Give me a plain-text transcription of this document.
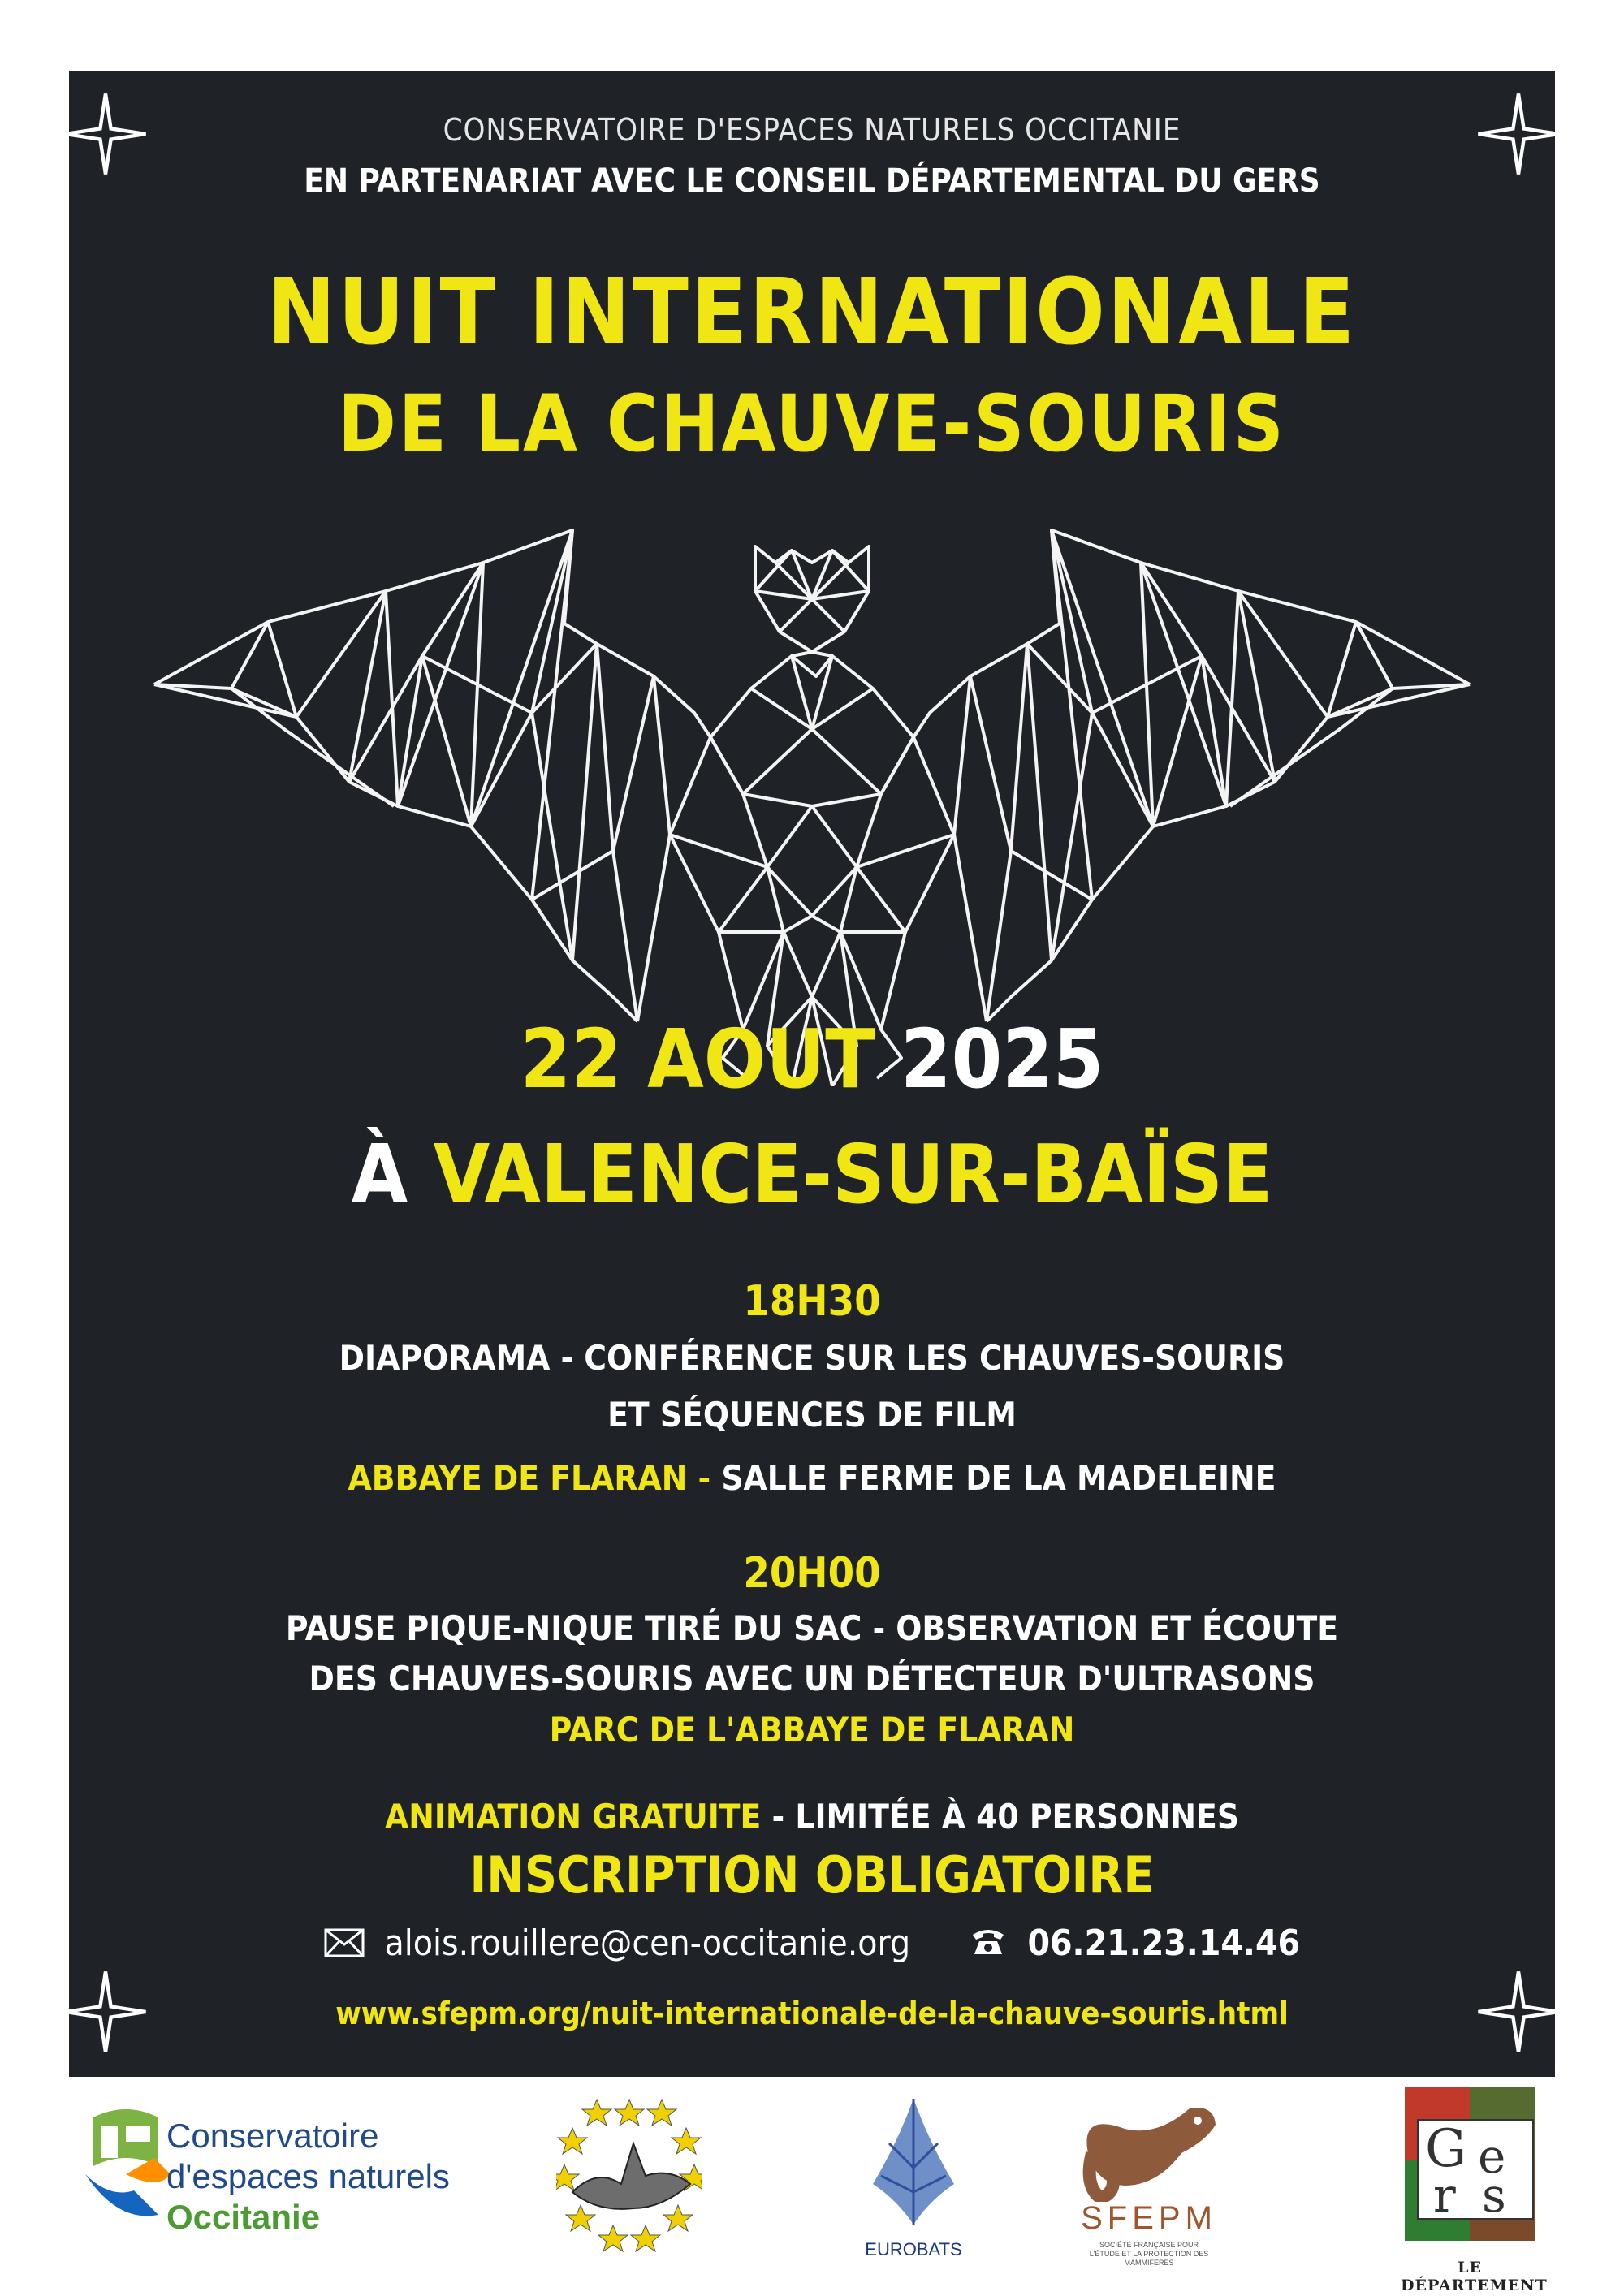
CONSERVATOIRE D'ESPACES NATURELS OCCITANIE
EN PARTENARIAT AVEC LE CONSEIL DÉPARTEMENTAL DU GERS
NUIT INTERNATIONALE
DE LA CHAUVE-SOURIS
22 AOUT 2025
À VALENCE-SUR-BAÏSE
18H30
DIAPORAMA - CONFÉRENCE SUR LES CHAUVES-SOURIS
ET SÉQUENCES DE FILM
ABBAYE DE FLARAN - SALLE FERME DE LA MADELEINE
20H00
PAUSE PIQUE-NIQUE TIRÉ DU SAC - OBSERVATION ET ÉCOUTE
DES CHAUVES-SOURIS AVEC UN DÉTECTEUR D'ULTRASONS
PARC DE L'ABBAYE DE FLARAN
ANIMATION GRATUITE - LIMITÉE À 40 PERSONNES
INSCRIPTION OBLIGATOIRE
alois.rouillere@cen-occitanie.org	06.21.23.14.46
www.sfepm.org/nuit-internationale-de-la-chauve-souris.html
Conservatoire
d'espaces naturels
Occitanie
EUROBATS
SFEPM
SOCIÉTÉ FRANÇAISE POUR L'ÉTUDE ET LA PROTECTION DES MAMMIFÈRES
G e
r s
LE DÉPARTEMENT
